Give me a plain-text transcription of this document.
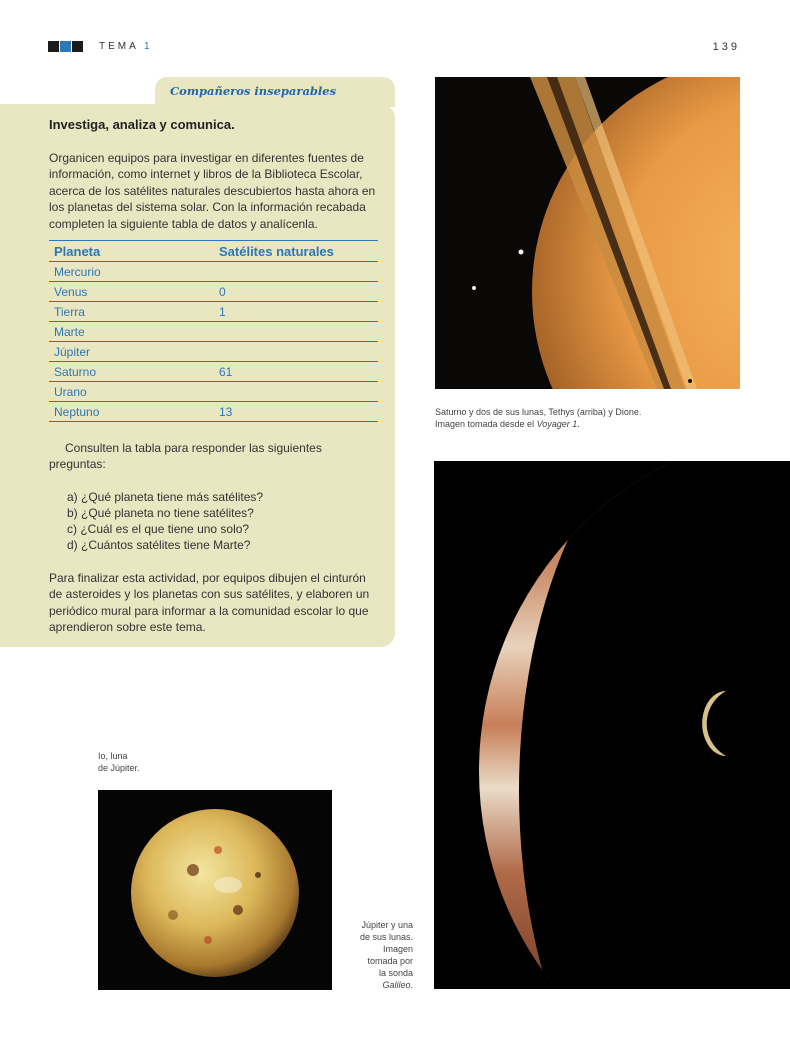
TEMA 1	139
Compañeros inseparables
Investiga, analiza y comunica.
Organicen equipos para investigar en diferentes fuentes de información, como internet y libros de la Biblioteca Escolar, acerca de los satélites naturales descubiertos hasta ahora en los planetas del sistema solar. Con la información recabada completen la siguiente tabla de datos y analícenla.
Planeta	Satélites naturales
Mercurio	
Venus	0
Tierra	1
Marte	
Júpiter	
Saturno	61
Urano	
Neptuno	13
Consulten la tabla para responder las siguientes preguntas:
a) ¿Qué planeta tiene más satélites?
b) ¿Qué planeta no tiene satélites?
c) ¿Cuál es el que tiene uno solo?
d) ¿Cuántos satélites tiene Marte?
Para finalizar esta actividad, por equipos dibujen el cinturón de asteroides y los planetas con sus satélites, y elaboren un periódico mural para informar a la comunidad escolar lo que aprendieron sobre este tema.
Saturno y dos de sus lunas, Tethys (arriba) y Dione.
Imagen tomada desde el Voyager 1.
Júpiter y una
de sus lunas.
Imagen
tomada por
la sonda
Galileo.
Io, luna
de Júpiter.
